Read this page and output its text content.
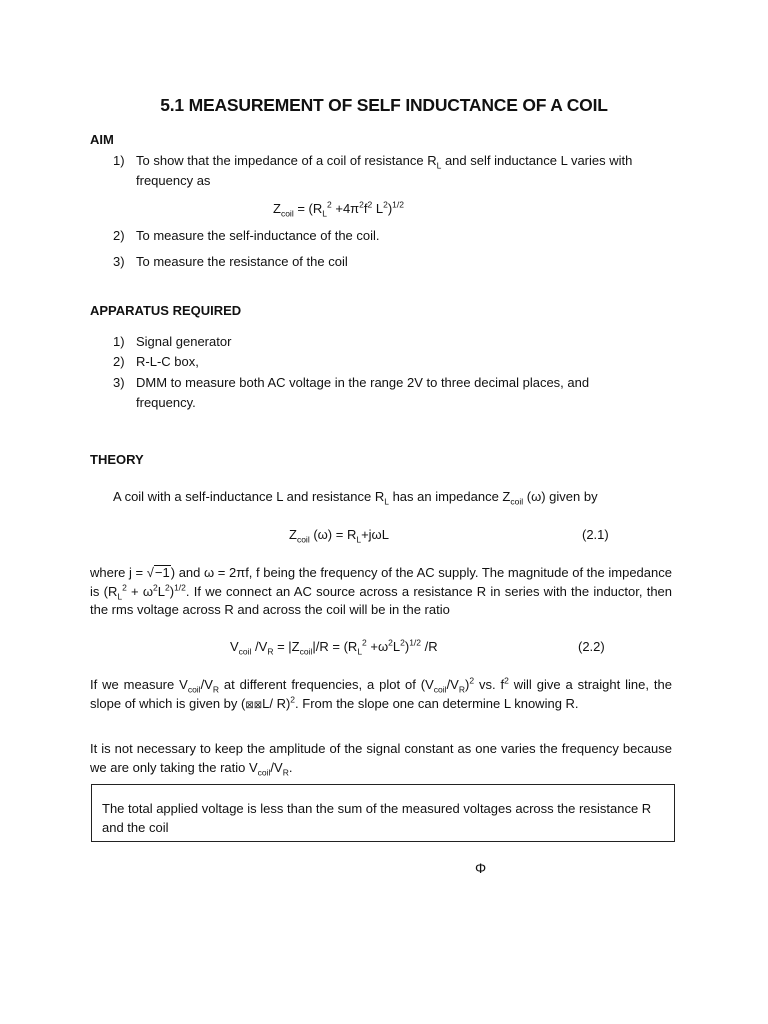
5.1 MEASUREMENT OF SELF INDUCTANCE OF A COIL
AIM
1) To show that the impedance of a coil of resistance $R_L$ and self inductance L varies with
frequency as
$Z_{coil} = (R_L^2 +4\pi^2f^2$ $L^2)^{1/2}$
2) To measure the self-inductance of the coil.
3) To measure the resistance of the coil
APPARATUS REQUIRED
1) Signal generator
2) R-L-C box,
3) DMM to measure both AC voltage in the range 2V to three decimal places, and
frequency.
THEORY
A coil with a self-inductance L and resistance $R_L$ has an impedance $Z_{coil}$ (ω) given by
$Z_{coil}$ $(\omega) = R_L+j\omega L$	(2.1)
where j = √−1) and ω = 2πf, f being the frequency of the AC supply. The magnitude of the impedance is $(R_L^2 + \omega^2L^2)^{1/2}$. If we connect an AC source across a resistance R in series with the inductor, then the rms voltage across R and across the coil will be in the ratio
$V_{coil}$ $/V_R = |Z_{coil}|/R = (R_L^2 +\omega^2L^2)^{1/2}$ /R	(2.2)
If we measure $V_{coil}/V_R$ at different frequencies, a plot of $(V_{coil}/V_R)^2$ vs. $f^2$ will give a straight line, the slope of which is given by (⊠⊠L/ R)$^2$. From the slope one can determine L knowing R.
It is not necessary to keep the amplitude of the signal constant as one varies the frequency because we are only taking the ratio $V_{coil}/V_R$.
The total applied voltage is less than the sum of the measured voltages across the resistance R and the coil
Φ
